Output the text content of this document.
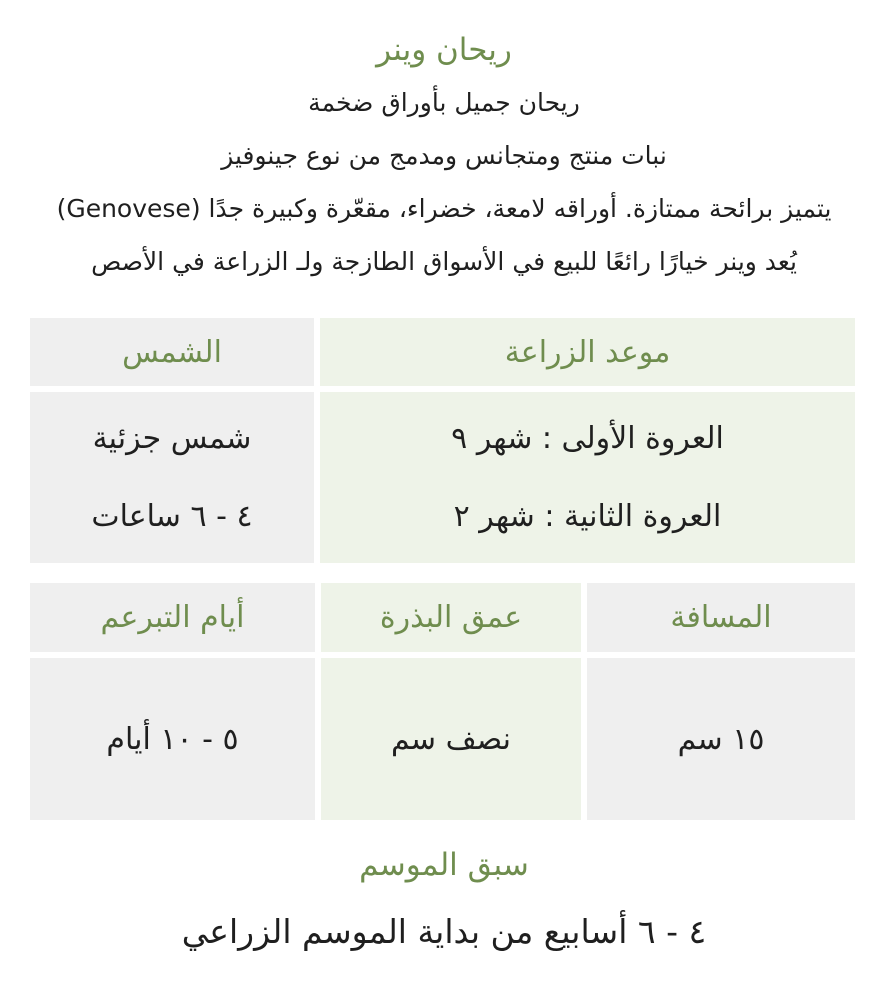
ريحان وينر
ريحان جميل بأوراق ضخمة
نبات منتج ومتجانس ومدمج من نوع جينوفيز
يتميز برائحة ممتازة. أوراقه لامعة، خضراء، مقعّرة وكبيرة جدًا (Genovese)
يُعد وينر خيارًا رائعًا للبيع في الأسواق الطازجة ولـ الزراعة في الأصص
موعد الزراعة
الشمس
العروة الأولى : شهر ٩
العروة الثانية : شهر ٢
شمس جزئية
٤ - ٦ ساعات
المسافة
عمق البذرة
أيام التبرعم
١٥ سم
نصف سم
٥ - ١٠ أيام
سبق الموسم
٤ - ٦ أسابيع من بداية الموسم الزراعي
